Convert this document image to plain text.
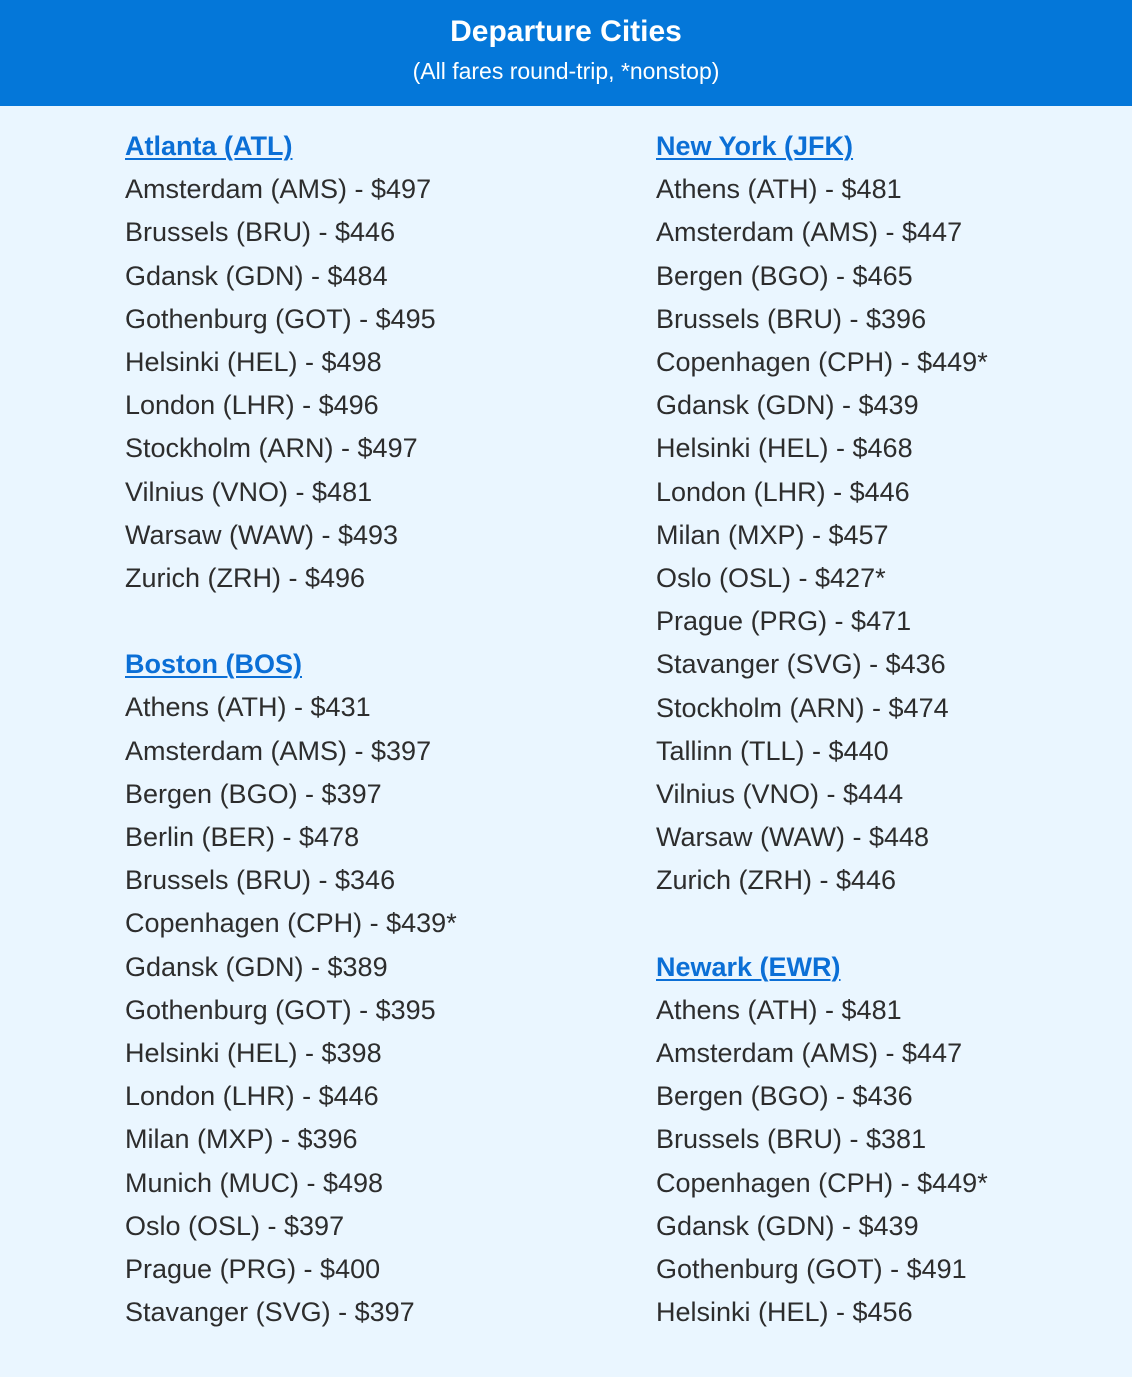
Departure Cities
(All fares round-trip, *nonstop)
Atlanta (ATL)
Amsterdam (AMS) - $497
Brussels (BRU) - $446
Gdansk (GDN) - $484
Gothenburg (GOT) - $495
Helsinki (HEL) - $498
London (LHR) - $496
Stockholm (ARN) - $497
Vilnius (VNO) - $481
Warsaw (WAW) - $493
Zurich (ZRH) - $496
Boston (BOS)
Athens (ATH) - $431
Amsterdam (AMS) - $397
Bergen (BGO) - $397
Berlin (BER) - $478
Brussels (BRU) - $346
Copenhagen (CPH) - $439*
Gdansk (GDN) - $389
Gothenburg (GOT) - $395
Helsinki (HEL) - $398
London (LHR) - $446
Milan (MXP) - $396
Munich (MUC) - $498
Oslo (OSL) - $397
Prague (PRG) - $400
Stavanger (SVG) - $397
New York (JFK)
Athens (ATH) - $481
Amsterdam (AMS) - $447
Bergen (BGO) - $465
Brussels (BRU) - $396
Copenhagen (CPH) - $449*
Gdansk (GDN) - $439
Helsinki (HEL) - $468
London (LHR) - $446
Milan (MXP) - $457
Oslo (OSL) - $427*
Prague (PRG) - $471
Stavanger (SVG) - $436
Stockholm (ARN) - $474
Tallinn (TLL) - $440
Vilnius (VNO) - $444
Warsaw (WAW) - $448
Zurich (ZRH) - $446
Newark (EWR)
Athens (ATH) - $481
Amsterdam (AMS) - $447
Bergen (BGO) - $436
Brussels (BRU) - $381
Copenhagen (CPH) - $449*
Gdansk (GDN) - $439
Gothenburg (GOT) - $491
Helsinki (HEL) - $456
